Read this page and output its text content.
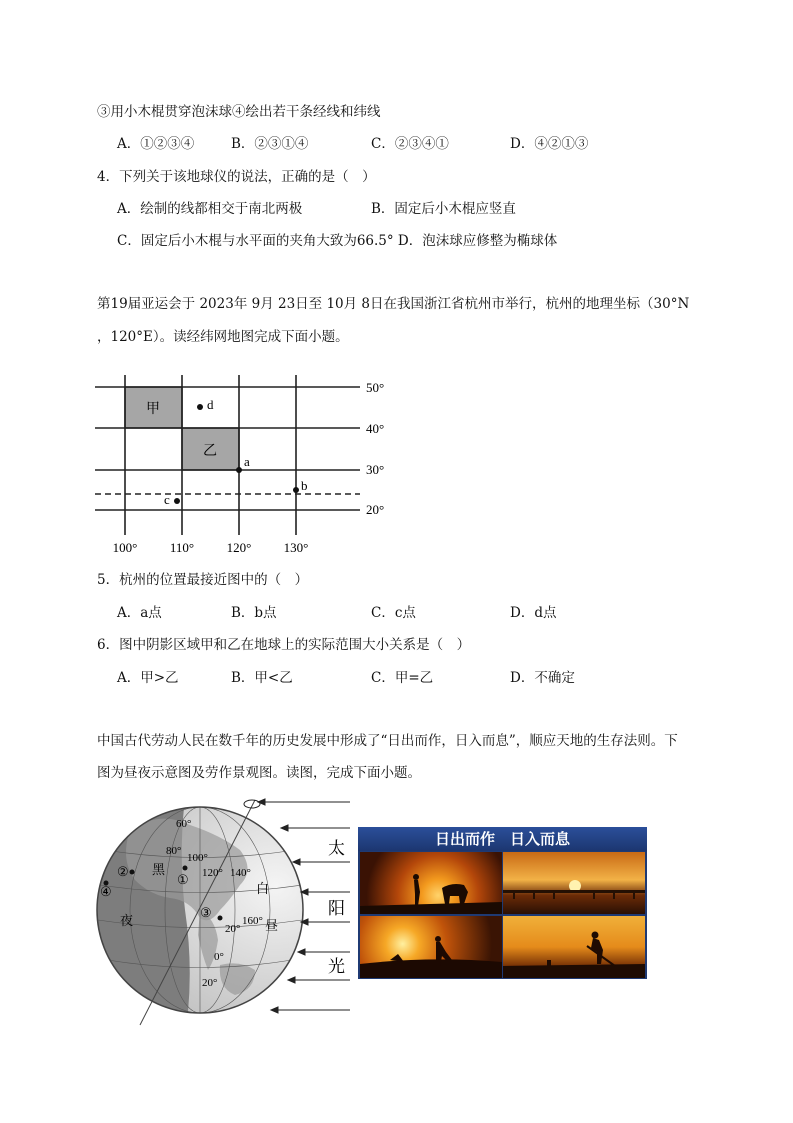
③用小木棍贯穿泡沫球④绘出若干条经线和纬线
A．①②③④	B．②③①④	C．②③④①	D．④②①③
4．下列关于该地球仪的说法，正确的是（　）
A．绘制的线都相交于南北两极	B．固定后小木棍应竖直
C．固定后小木棍与水平面的夹角大致为66.5° D．泡沫球应修整为椭球体
第19届亚运会于 2023年 9月 23日至 10月 8日在我国浙江省杭州市举行，杭州的地理坐标（30°N
，120°E）。读经纬网地图完成下面小题。
甲
乙
d
a
b
c
50°
40°
30°
20°
100°	110°	120° 130°
5．杭州的位置最接近图中的（　）
A．a点	B．b点	C．c点	D．d点
6．图中阴影区域甲和乙在地球上的实际范围大小关系是（　）
A．甲>乙	B．甲<乙	C．甲=乙	D．不确定
中国古代劳动人民在数千年的历史发展中形成了“日出而作，日入而息”，顺应天地的生存法则。下
图为昼夜示意图及劳作景观图。读图，完成下面小题。
60°
80°
100°
120° 140°
160°
20°
0°
20°
黑
夜
白
昼
①
②
③
④
太
阳
光
日出而作　日入而息
